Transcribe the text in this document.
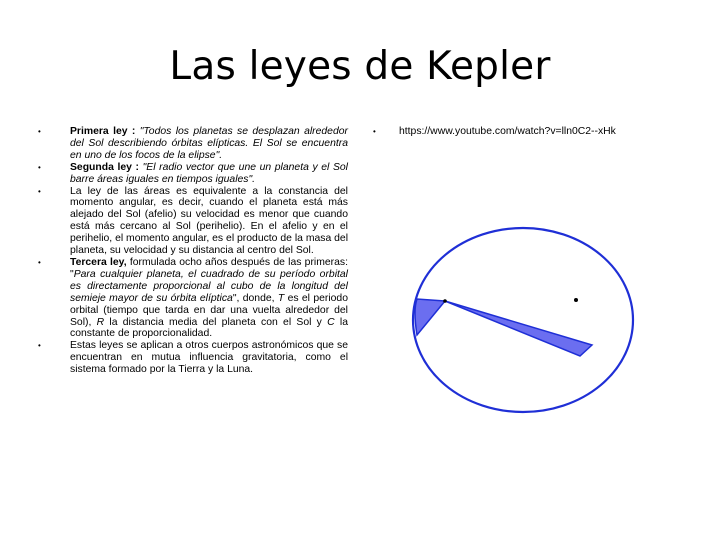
Las leyes de Kepler
•	Primera ley : "Todos los planetas se desplazan alrededor del Sol describiendo órbitas elípticas. El Sol se encuentra en uno de los focos de la elipse".
•	Segunda ley : "El radio vector que une un planeta y el Sol barre áreas iguales en tiempos iguales".
•	La ley de las áreas es equivalente a la constancia del momento angular, es decir, cuando el planeta está más alejado del Sol (afelio) su velocidad es menor que cuando está más cercano al Sol (perihelio). En el afelio y en el perihelio, el momento angular, es el producto de la masa del planeta, su velocidad y su distancia al centro del Sol.
•	Tercera ley, formulada ocho años después de las primeras: "Para cualquier planeta, el cuadrado de su período orbital es directamente proporcional al cubo de la longitud del semieje mayor de su órbita elíptica", donde, T es el periodo orbital (tiempo que tarda en dar una vuelta alrededor del Sol), R la distancia media del planeta con el Sol y C la constante de proporcionalidad.
•	Estas leyes se aplican a otros cuerpos astronómicos que se encuentran en mutua influencia gravitatoria, como el sistema formado por la Tierra y la Luna.
•	https://www.youtube.com/watch?v=lln0C2--xHk
